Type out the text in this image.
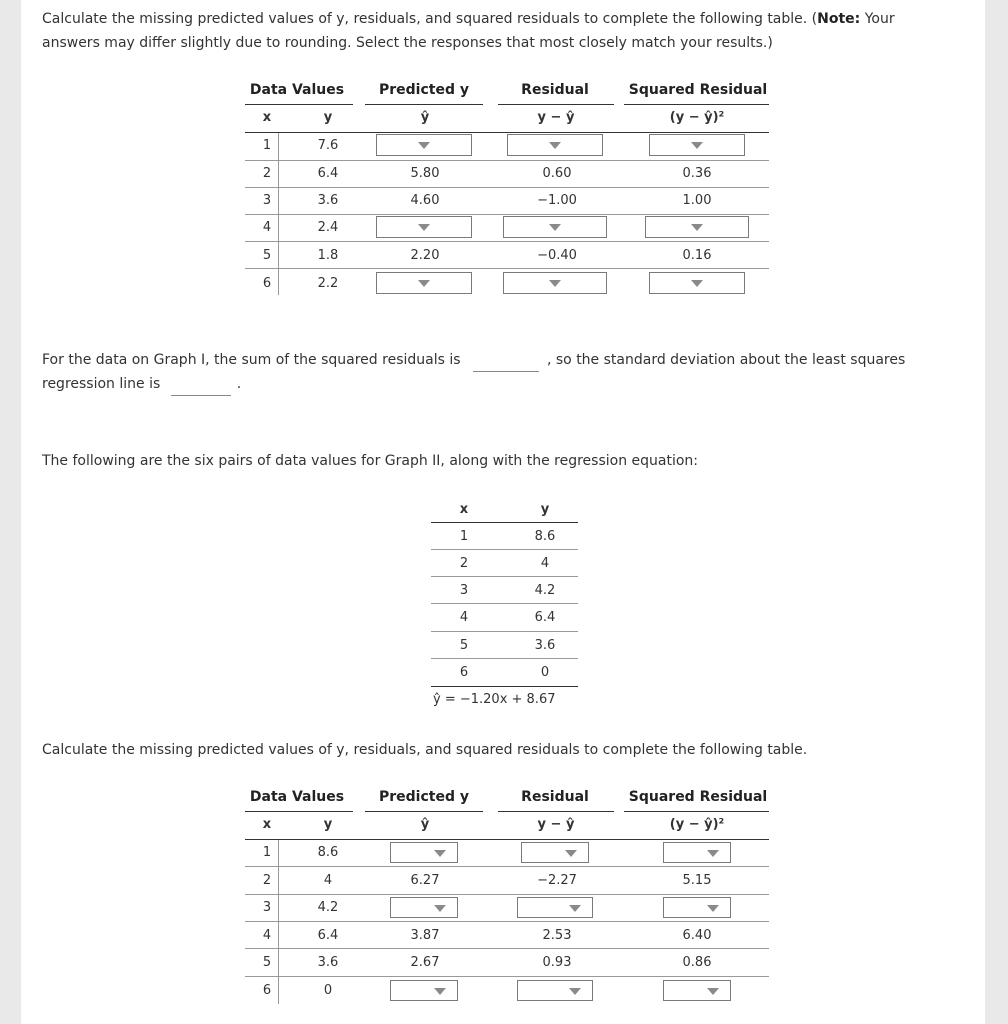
Calculate the missing predicted values of y, residuals, and squared residuals to complete the following table. (Note: Your
answers may differ slightly due to rounding. Select the responses that most closely match your results.)
Data Values	Predicted y	Residual	Squared Residual
x	y	ŷ	y − ŷ	(y − ŷ)²
1	7.6
2	6.4	5.80	0.60	0.36
3	3.6	4.60	−1.00	1.00
4	2.4
5	1.8	2.20	−0.40	0.16
6	2.2
For the data on Graph I, the sum of the squared residuals is	, so the standard deviation about the least squares
regression line is	.
The following are the six pairs of data values for Graph II, along with the regression equation:
x	y
1	8.6
2	4
3	4.2
4	6.4
5	3.6
6	0
ŷ = −1.20x + 8.67
Calculate the missing predicted values of y, residuals, and squared residuals to complete the following table.
Data Values	Predicted y	Residual	Squared Residual
x	y	ŷ	y − ŷ	(y − ŷ)²
1	8.6
2	4	6.27	−2.27	5.15
3	4.2
4	6.4	3.87	2.53	6.40
5	3.6	2.67	0.93	0.86
6	0
